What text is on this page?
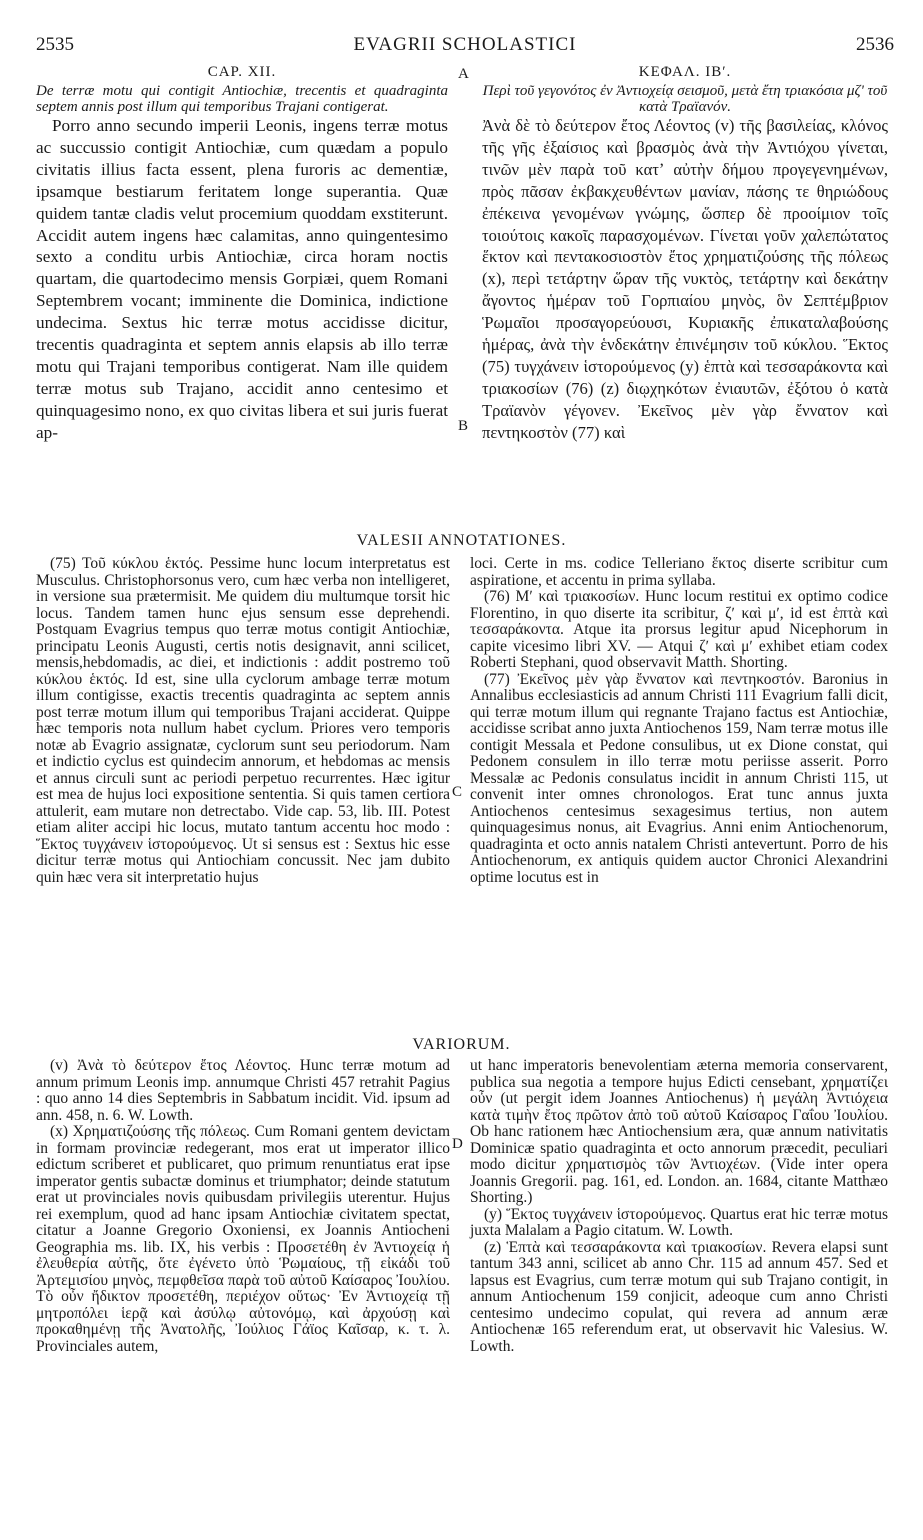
2535	EVAGRII SCHOLASTICI	2536
A
B
C
D
CAP. XII.
De terræ motu qui contigit Antiochiæ, trecentis et quadraginta septem annis post illum qui temporibus Trajani contigerat.

Porro anno secundo imperii Leonis, ingens terræ motus ac succussio contigit Antiochiæ, cum quædam a populo civitatis illius facta essent, plena furoris ac dementiæ, ipsamque bestiarum feritatem longe superantia. Quæ quidem tantæ cladis velut procemium quoddam exstiterunt. Accidit autem ingens hæc calamitas, anno quingentesimo sexto a conditu urbis Antiochiæ, circa horam noctis quartam, die quartodecimo mensis Gorpiæi, quem Romani Septembrem vocant; imminente die Dominica, indictione undecima. Sextus hic terræ motus accidisse dicitur, trecentis quadraginta et septem annis elapsis ab illo terræ motu qui Trajani temporibus contigerat. Nam ille quidem terræ motus sub Trajano, accidit anno centesimo et quinquagesimo nono, ex quo civitas libera et sui juris fuerat ap-

ΚΕΦΑΛ. ΙΒʹ.
Περὶ τοῦ γεγονότος ἐν Ἀντιοχείᾳ σεισμοῦ, μετὰ ἔτη τριακόσια μζʹ τοῦ κατὰ Τραϊανόν.

Ἀνὰ δὲ τὸ δεύτερον ἔτος Λέοντος (v) τῆς βασιλείας, κλόνος τῆς γῆς ἐξαίσιος καὶ βρασμὸς ἀνὰ τὴν Ἀντιόχου γίνεται, τινῶν μὲν παρὰ τοῦ κατʼ αὐτὴν δήμου προγεγενημένων, πρὸς πᾶσαν ἐκβακχευθέντων μανίαν, πάσης τε θηριώδους ἐπέκεινα γενομένων γνώμης, ὥσπερ δὲ προοίμιον τοῖς τοιούτοις κακοῖς παρασχομένων. Γίνεται γοῦν χαλεπώτατος ἕκτον καὶ πεντακοσιοστὸν ἔτος χρηματιζούσης τῆς πόλεως (x), περὶ τετάρτην ὥραν τῆς νυκτὸς, τετάρτην καὶ δεκάτην ἄγοντος ἡμέραν τοῦ Γορπιαίου μηνὸς, ὃν Σεπτέμβριον Ῥωμαῖοι προσαγορεύουσι, Κυριακῆς ἐπικαταλαβούσης ἡμέρας, ἀνὰ τὴν ἑνδεκάτην ἐπινέμησιν τοῦ κύκλου. Ἕκτος (75) τυγχάνειν ἱστορούμενος (y) ἑπτὰ καὶ τεσσαράκοντα καὶ τριακοσίων (76) (z) διῳχηκότων ἐνιαυτῶν, ἐξότου ὁ κατὰ Τραϊανὸν γέγονεν. Ἐκεῖνος μὲν γὰρ ἔννατον καὶ πεντηκοστὸν (77) καὶ

VALESII ANNOTATIONES.

(75) Τοῦ κύκλου ἑκτός. Pessime hunc locum interpretatus est Musculus. Christophorsonus vero, cum hæc verba non intelligeret, in versione sua prætermisit. Me quidem diu multumque torsit hic locus. Tandem tamen hunc ejus sensum esse deprehendi. Postquam Evagrius tempus quo terræ motus contigit Antiochiæ, principatu Leonis Augusti, certis notis designavit, anni scilicet, mensis,hebdomadis, ac diei, et indictionis : addit postremo τοῦ κύκλου ἑκτός. Id est, sine ulla cyclorum ambage terræ motum illum contigisse, exactis trecentis quadraginta ac septem annis post terræ motum illum qui temporibus Trajani acciderat. Quippe hæc temporis nota nullum habet cyclum. Priores vero temporis notæ ab Evagrio assignatæ, cyclorum sunt seu periodorum. Nam et indictio cyclus est quindecim annorum, et hebdomas ac mensis et annus circuli sunt ac periodi perpetuo recurrentes. Hæc igitur est mea de hujus loci expositione sententia. Si quis tamen certiora attulerit, eam mutare non detrectabo. Vide cap. 53, lib. III. Potest etiam aliter accipi hic locus, mutato tantum accentu hoc modo : Ἕκτος τυγχάνειν ἱστορούμενος. Ut si sensus est : Sextus hic esse dicitur terræ motus qui Antiochiam concussit. Nec jam dubito quin hæc vera sit interpretatio hujus

loci. Certe in ms. codice Telleriano ἕκτος diserte scribitur cum aspiratione, et accentu in prima syllaba.

(76) Μʹ καὶ τριακοσίων. Hunc locum restitui ex optimo codice Florentino, in quo diserte ita scribitur, ζʹ καὶ μʹ, id est ἑπτὰ καὶ τεσσαράκοντα. Atque ita prorsus legitur apud Nicephorum in capite vicesimo libri XV. — Atqui ζʹ καὶ μʹ exhibet etiam codex Roberti Stephani, quod observavit Matth. Shorting.

(77) Ἐκεῖνος μὲν γὰρ ἔννατον καὶ πεντηκοστόν. Baronius in Annalibus ecclesiasticis ad annum Christi 111 Evagrium falli dicit, qui terræ motum illum qui regnante Trajano factus est Antiochiæ, accidisse scribat anno juxta Antiochenos 159, Nam terræ motus ille contigit Messala et Pedone consulibus, ut ex Dione constat, qui Pedonem consulem in illo terræ motu periisse asserit. Porro Messalæ ac Pedonis consulatus incidit in annum Christi 115, ut convenit inter omnes chronologos. Erat tunc annus juxta Antiochenos centesimus sexagesimus tertius, non autem quinquagesimus nonus, ait Evagrius. Anni enim Antiochenorum, quadraginta et octo annis natalem Christi antevertunt. Porro de his Antiochenorum, ex antiquis quidem auctor Chronici Alexandrini optime locutus est in

VARIORUM.

(v) Ἀνὰ τὸ δεύτερον ἔτος Λέοντος. Hunc terræ motum ad annum primum Leonis imp. annumque Christi 457 retrahit Pagius : quo anno 14 dies Septembris in Sabbatum incidit. Vid. ipsum ad ann. 458, n. 6. W. Lowth.

(x) Χρηματιζούσης τῆς πόλεως. Cum Romani gentem devictam in formam provinciæ redegerant, mos erat ut imperator illico edictum scriberet et publicaret, quo primum renuntiatus erat ipse imperator gentis subactæ dominus et triumphator; deinde statutum erat ut provinciales novis quibusdam privilegiis uterentur. Hujus rei exemplum, quod ad hanc ipsam Antiochiæ civitatem spectat, citatur a Joanne Gregorio Oxoniensi, ex Joannis Antiocheni Geographia ms. lib. IX, his verbis : Προσετέθη ἐν Ἀντιοχείᾳ ἡ ἐλευθερία αὐτῆς, ὅτε ἐγένετο ὑπὸ Ῥωμαίους, τῇ εἰκάδι τοῦ Ἀρτεμισίου μηνὸς, πεμφθεῖσα παρὰ τοῦ αὐτοῦ Καίσαρος Ἰουλίου. Τὸ οὖν ἤδικτον προσετέθη, περιέχον οὕτως· Ἐν Ἀντιοχείᾳ τῇ μητροπόλει ἱερᾷ καὶ ἀσύλῳ αὐτονόμῳ, καὶ ἀρχούσῃ καὶ προκαθημένῃ τῆς Ἀνατολῆς, Ἰούλιος Γάϊος Καῖσαρ, κ. τ. λ. Provinciales autem,

ut hanc imperatoris benevolentiam æterna memoria conservarent, publica sua negotia a tempore hujus Edicti censebant, χρηματίζει οὖν (ut pergit idem Joannes Antiochenus) ἡ μεγάλη Ἀντιόχεια κατὰ τιμὴν ἔτος πρῶτον ἀπὸ τοῦ αὐτοῦ Καίσαρος Γαΐου Ἰουλίου. Ob hanc rationem hæc Antiochensium æra, quæ annum nativitatis Dominicæ spatio quadraginta et octo annorum præcedit, peculiari modo dicitur χρηματισμὸς τῶν Ἀντιοχέων. (Vide inter opera Joannis Gregorii. pag. 161, ed. London. an. 1684, citante Matthæo Shorting.)

(y) Ἕκτος τυγχάνειν ἱστορούμενος. Quartus erat hic terræ motus juxta Malalam a Pagio citatum. W. Lowth.

(z) Ἑπτὰ καὶ τεσσαράκοντα καὶ τριακοσίων. Revera elapsi sunt tantum 343 anni, scilicet ab anno Chr. 115 ad annum 457. Sed et lapsus est Evagrius, cum terræ motum qui sub Trajano contigit, in annum Antiochenum 159 conjicit, adeoque cum anno Christi centesimo undecimo copulat, qui revera ad annum æræ Antiochenæ 165 referendum erat, ut observavit hic Valesius. W. Lowth.
